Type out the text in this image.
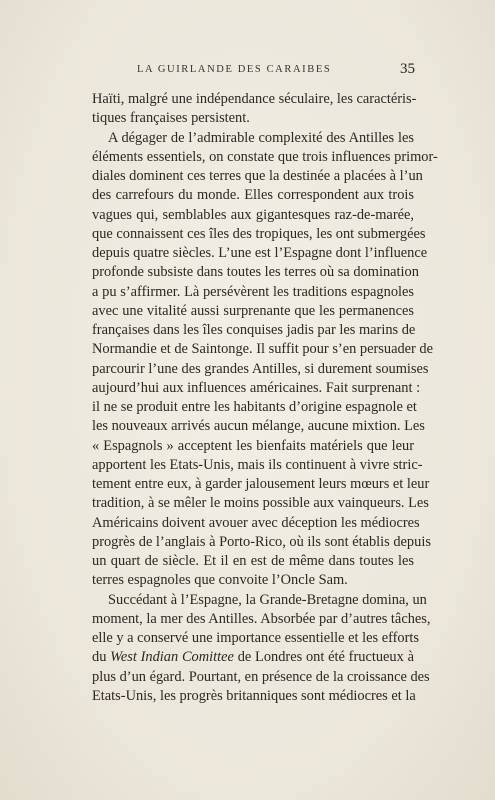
LA GUIRLANDE DES CARAIBES	35
Haïti, malgré une indépendance séculaire, les caractéris-
tiques françaises persistent.
A dégager de l’admirable complexité des Antilles les
éléments essentiels, on constate que trois influences primor-
diales dominent ces terres que la destinée a placées à l’un
des carrefours du monde. Elles correspondent aux trois
vagues qui, semblables aux gigantesques raz-de-marée,
que connaissent ces îles des tropiques, les ont submergées
depuis quatre siècles. L’une est l’Espagne dont l’influence
profonde subsiste dans toutes les terres où sa domination
a pu s’affirmer. Là persévèrent les traditions espagnoles
avec une vitalité aussi surprenante que les permanences
françaises dans les îles conquises jadis par les marins de
Normandie et de Saintonge. Il suffit pour s’en persuader de
parcourir l’une des grandes Antilles, si durement soumises
aujourd’hui aux influences américaines. Fait surprenant :
il ne se produit entre les habitants d’origine espagnole et
les nouveaux arrivés aucun mélange, aucune mixtion. Les
« Espagnols » acceptent les bienfaits matériels que leur
apportent les Etats-Unis, mais ils continuent à vivre stric-
tement entre eux, à garder jalousement leurs mœurs et leur
tradition, à se mêler le moins possible aux vainqueurs. Les
Américains doivent avouer avec déception les médiocres
progrès de l’anglais à Porto-Rico, où ils sont établis depuis
un quart de siècle. Et il en est de même dans toutes les
terres espagnoles que convoite l’Oncle Sam.
Succédant à l’Espagne, la Grande-Bretagne domina, un
moment, la mer des Antilles. Absorbée par d’autres tâches,
elle y a conservé une importance essentielle et les efforts
du West Indian Comittee de Londres ont été fructueux à
plus d’un égard. Pourtant, en présence de la croissance des
Etats-Unis, les progrès britanniques sont médiocres et la
